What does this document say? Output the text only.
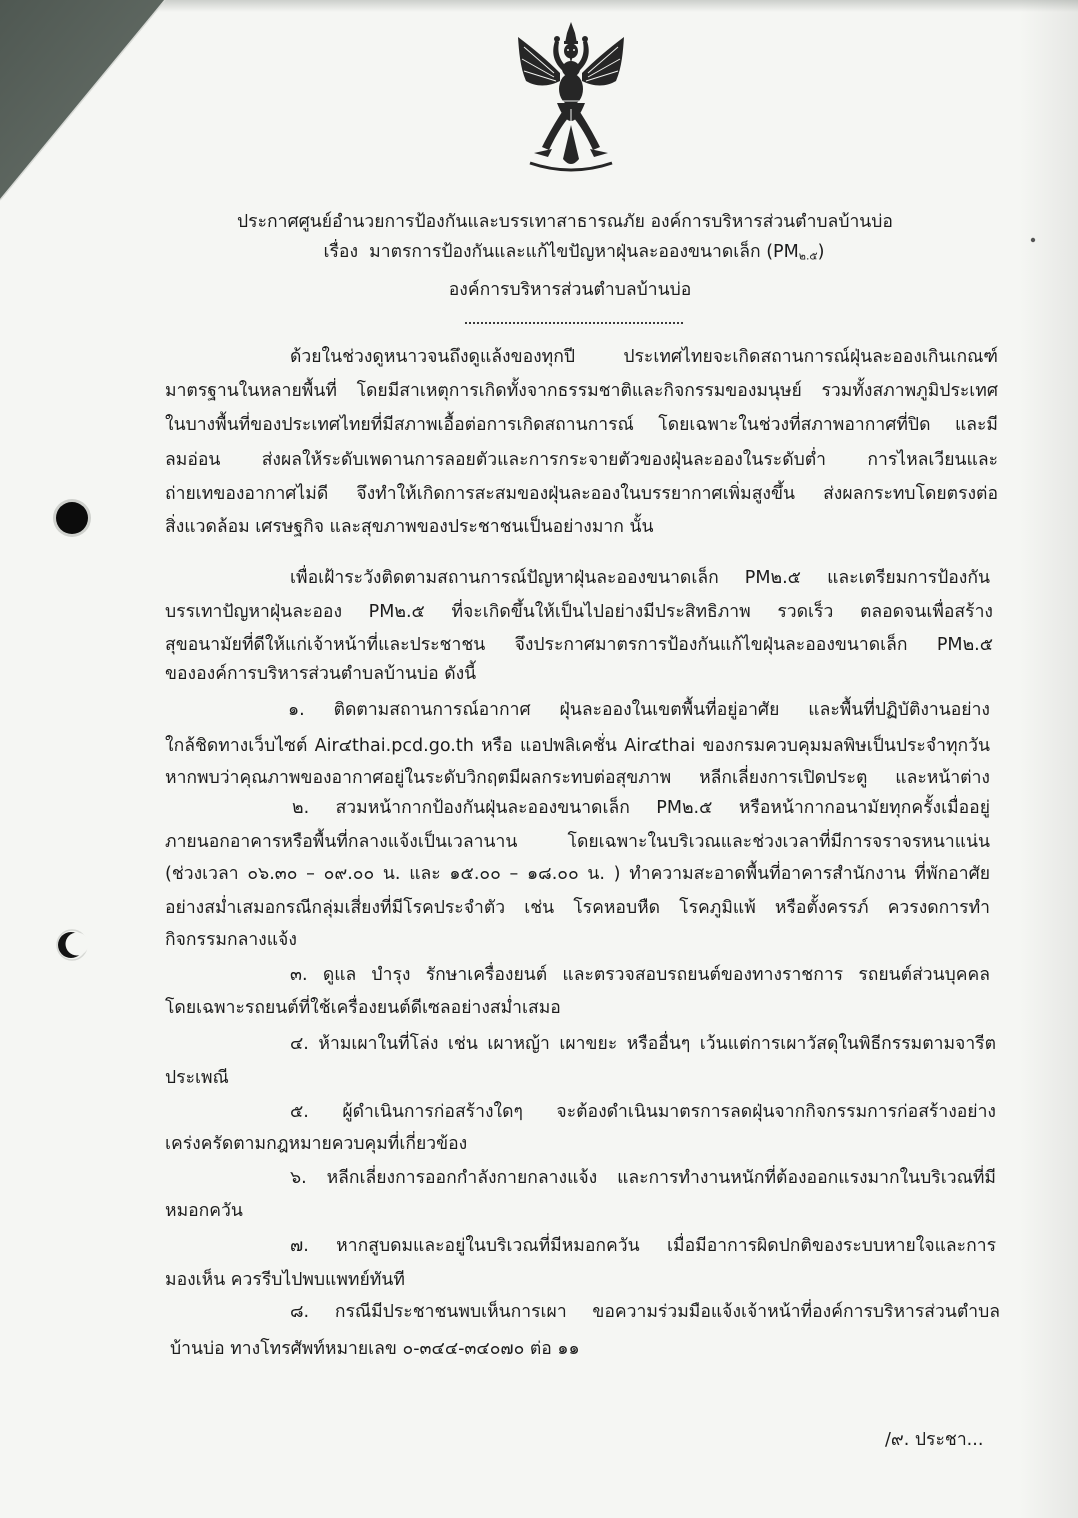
ประกาศศูนย์อำนวยการป้องกันและบรรเทาสาธารณภัย องค์การบริหารส่วนตำบลบ้านบ่อ
เรื่อง มาตรการป้องกันและแก้ไขปัญหาฝุ่นละอองขนาดเล็ก $(PM_{๒.๕})$
องค์การบริหารส่วนตำบลบ้านบ่อ
ด้วยในช่วงดูหนาวจนถึงดูแล้งของทุกปี ประเทศไทยจะเกิดสถานการณ์ฝุ่นละอองเกินเกณฑ์
มาตรฐานในหลายพื้นที่ โดยมีสาเหตุการเกิดทั้งจากธรรมชาติและกิจกรรมของมนุษย์ รวมทั้งสภาพภูมิประเทศ
ในบางพื้นที่ของประเทศไทยที่มีสภาพเอื้อต่อการเกิดสถานการณ์ โดยเฉพาะในช่วงที่สภาพอากาศที่ปิด และมี
ลมอ่อน ส่งผลให้ระดับเพดานการลอยตัวและการกระจายตัวของฝุ่นละอองในระดับต่ำ การไหลเวียนและ
ถ่ายเทของอากาศไม่ดี จึงทำให้เกิดการสะสมของฝุ่นละอองในบรรยากาศเพิ่มสูงขึ้น ส่งผลกระทบโดยตรงต่อ
สิ่งแวดล้อม เศรษฐกิจ และสุขภาพของประชาชนเป็นอย่างมาก นั้น
เพื่อเฝ้าระวังติดตามสถานการณ์ปัญหาฝุ่นละอองขนาดเล็ก PM๒.๕ และเตรียมการป้องกัน
บรรเทาปัญหาฝุ่นละออง PM๒.๕ ที่จะเกิดขึ้นให้เป็นไปอย่างมีประสิทธิภาพ รวดเร็ว ตลอดจนเพื่อสร้าง
สุขอนามัยที่ดีให้แก่เจ้าหน้าที่และประชาชน จึงประกาศมาตรการป้องกันแก้ไขฝุ่นละอองขนาดเล็ก PM๒.๕
ขององค์การบริหารส่วนตำบลบ้านบ่อ ดังนี้
๑. ติดตามสถานการณ์อากาศ ฝุ่นละอองในเขตพื้นที่อยู่อาศัย และพื้นที่ปฏิบัติงานอย่าง
ใกล้ชิดทางเว็บไซต์ Air๔thai.pcd.go.th หรือ แอปพลิเคชั่น Air๔thai ของกรมควบคุมมลพิษเป็นประจำทุกวัน
หากพบว่าคุณภาพของอากาศอยู่ในระดับวิกฤตมีผลกระทบต่อสุขภาพ หลีกเลี่ยงการเปิดประตู และหน้าต่าง
๒. สวมหน้ากากป้องกันฝุ่นละอองขนาดเล็ก PM๒.๕ หรือหน้ากากอนามัยทุกครั้งเมื่ออยู่
ภายนอกอาคารหรือพื้นที่กลางแจ้งเป็นเวลานาน โดยเฉพาะในบริเวณและช่วงเวลาที่มีการจราจรหนาแน่น
(ช่วงเวลา ๐๖.๓๐ – ๐๙.๐๐ น. และ ๑๕.๐๐ – ๑๘.๐๐ น. ) ทำความสะอาดพื้นที่อาคารสำนักงาน ที่พักอาศัย
อย่างสม่ำเสมอกรณีกลุ่มเสี่ยงที่มีโรคประจำตัว เช่น โรคหอบหืด โรคภูมิแพ้ หรือตั้งครรภ์ ควรงดการทำ
กิจกรรมกลางแจ้ง
๓. ดูแล บำรุง รักษาเครื่องยนต์ และตรวจสอบรถยนต์ของทางราชการ รถยนต์ส่วนบุคคล
โดยเฉพาะรถยนต์ที่ใช้เครื่องยนต์ดีเซลอย่างสม่ำเสมอ
๔. ห้ามเผาในที่โล่ง เช่น เผาหญ้า เผาขยะ หรืออื่นๆ เว้นแต่การเผาวัสดุในพิธีกรรมตามจารีต
ประเพณี
๕. ผู้ดำเนินการก่อสร้างใดๆ จะต้องดำเนินมาตรการลดฝุ่นจากกิจกรรมการก่อสร้างอย่าง
เคร่งครัดตามกฎหมายควบคุมที่เกี่ยวข้อง
๖. หลีกเลี่ยงการออกกำลังกายกลางแจ้ง และการทำงานหนักที่ต้องออกแรงมากในบริเวณที่มี
หมอกควัน
๗. หากสูบดมและอยู่ในบริเวณที่มีหมอกควัน เมื่อมีอาการผิดปกติของระบบหายใจและการ
มองเห็น ควรรีบไปพบแพทย์ทันที
๘. กรณีมีประชาชนพบเห็นการเผา ขอความร่วมมือแจ้งเจ้าหน้าที่องค์การบริหารส่วนตำบล
บ้านบ่อ ทางโทรศัพท์หมายเลข ๐-๓๔๔-๓๔๐๗๐ ต่อ ๑๑
/๙. ประชา...
